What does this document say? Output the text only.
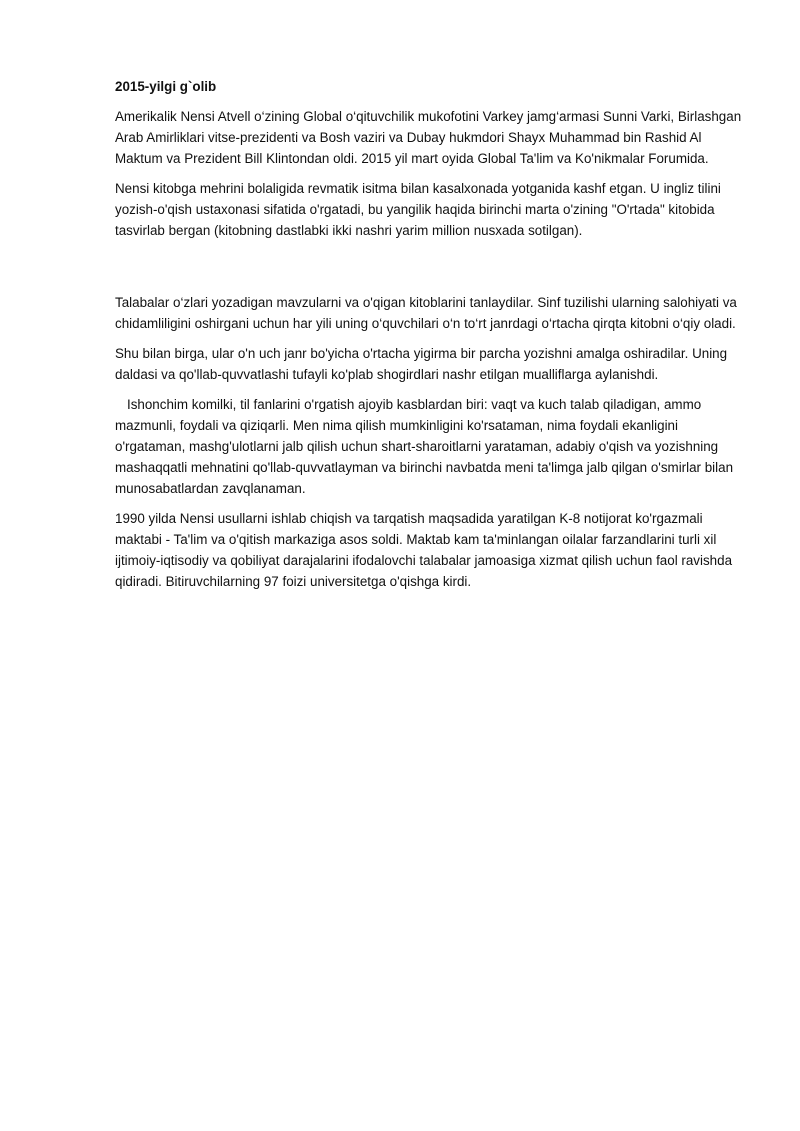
2015-yilgi g`olib

Amerikalik Nensi Atvell o‘zining Global o‘qituvchilik mukofotini Varkey jamg‘armasi Sunni Varki, Birlashgan Arab Amirliklari vitse-prezidenti va Bosh vaziri va Dubay hukmdori Shayx Muhammad bin Rashid Al Maktum va Prezident Bill Klintondan oldi. 2015 yil mart oyida Global Ta'lim va Ko'nikmalar Forumida.

Nensi kitobga mehrini bolaligida revmatik isitma bilan kasalxonada yotganida kashf etgan. U ingliz tilini yozish-o'qish ustaxonasi sifatida o'rgatadi, bu yangilik haqida birinchi marta o'zining "O'rtada" kitobida tasvirlab bergan (kitobning dastlabki ikki nashri yarim million nusxada sotilgan).

Talabalar o‘zlari yozadigan mavzularni va o'qigan kitoblarini tanlaydilar. Sinf tuzilishi ularning salohiyati va chidamliligini oshirgani uchun har yili uning o‘quvchilari o‘n to‘rt janrdagi o‘rtacha qirqta kitobni o‘qiy oladi.

Shu bilan birga, ular o'n uch janr bo'yicha o'rtacha yigirma bir parcha yozishni amalga oshiradilar. Uning daldasi va qo'llab-quvvatlashi tufayli ko'plab shogirdlari nashr etilgan mualliflarga aylanishdi.

Ishonchim komilki, til fanlarini o'rgatish ajoyib kasblardan biri: vaqt va kuch talab qiladigan, ammo mazmunli, foydali va qiziqarli. Men nima qilish mumkinligini ko'rsataman, nima foydali ekanligini o'rgataman, mashg'ulotlarni jalb qilish uchun shart-sharoitlarni yarataman, adabiy o'qish va yozishning mashaqqatli mehnatini qo'llab-quvvatlayman va birinchi navbatda meni ta'limga jalb qilgan o'smirlar bilan munosabatlardan zavqlanaman.

1990 yilda Nensi usullarni ishlab chiqish va tarqatish maqsadida yaratilgan K-8 notijorat ko'rgazmali maktabi - Ta'lim va o'qitish markaziga asos soldi. Maktab kam ta'minlangan oilalar farzandlarini turli xil ijtimoiy-iqtisodiy va qobiliyat darajalarini ifodalovchi talabalar jamoasiga xizmat qilish uchun faol ravishda qidiradi. Bitiruvchilarning 97 foizi universitetga o'qishga kirdi.
